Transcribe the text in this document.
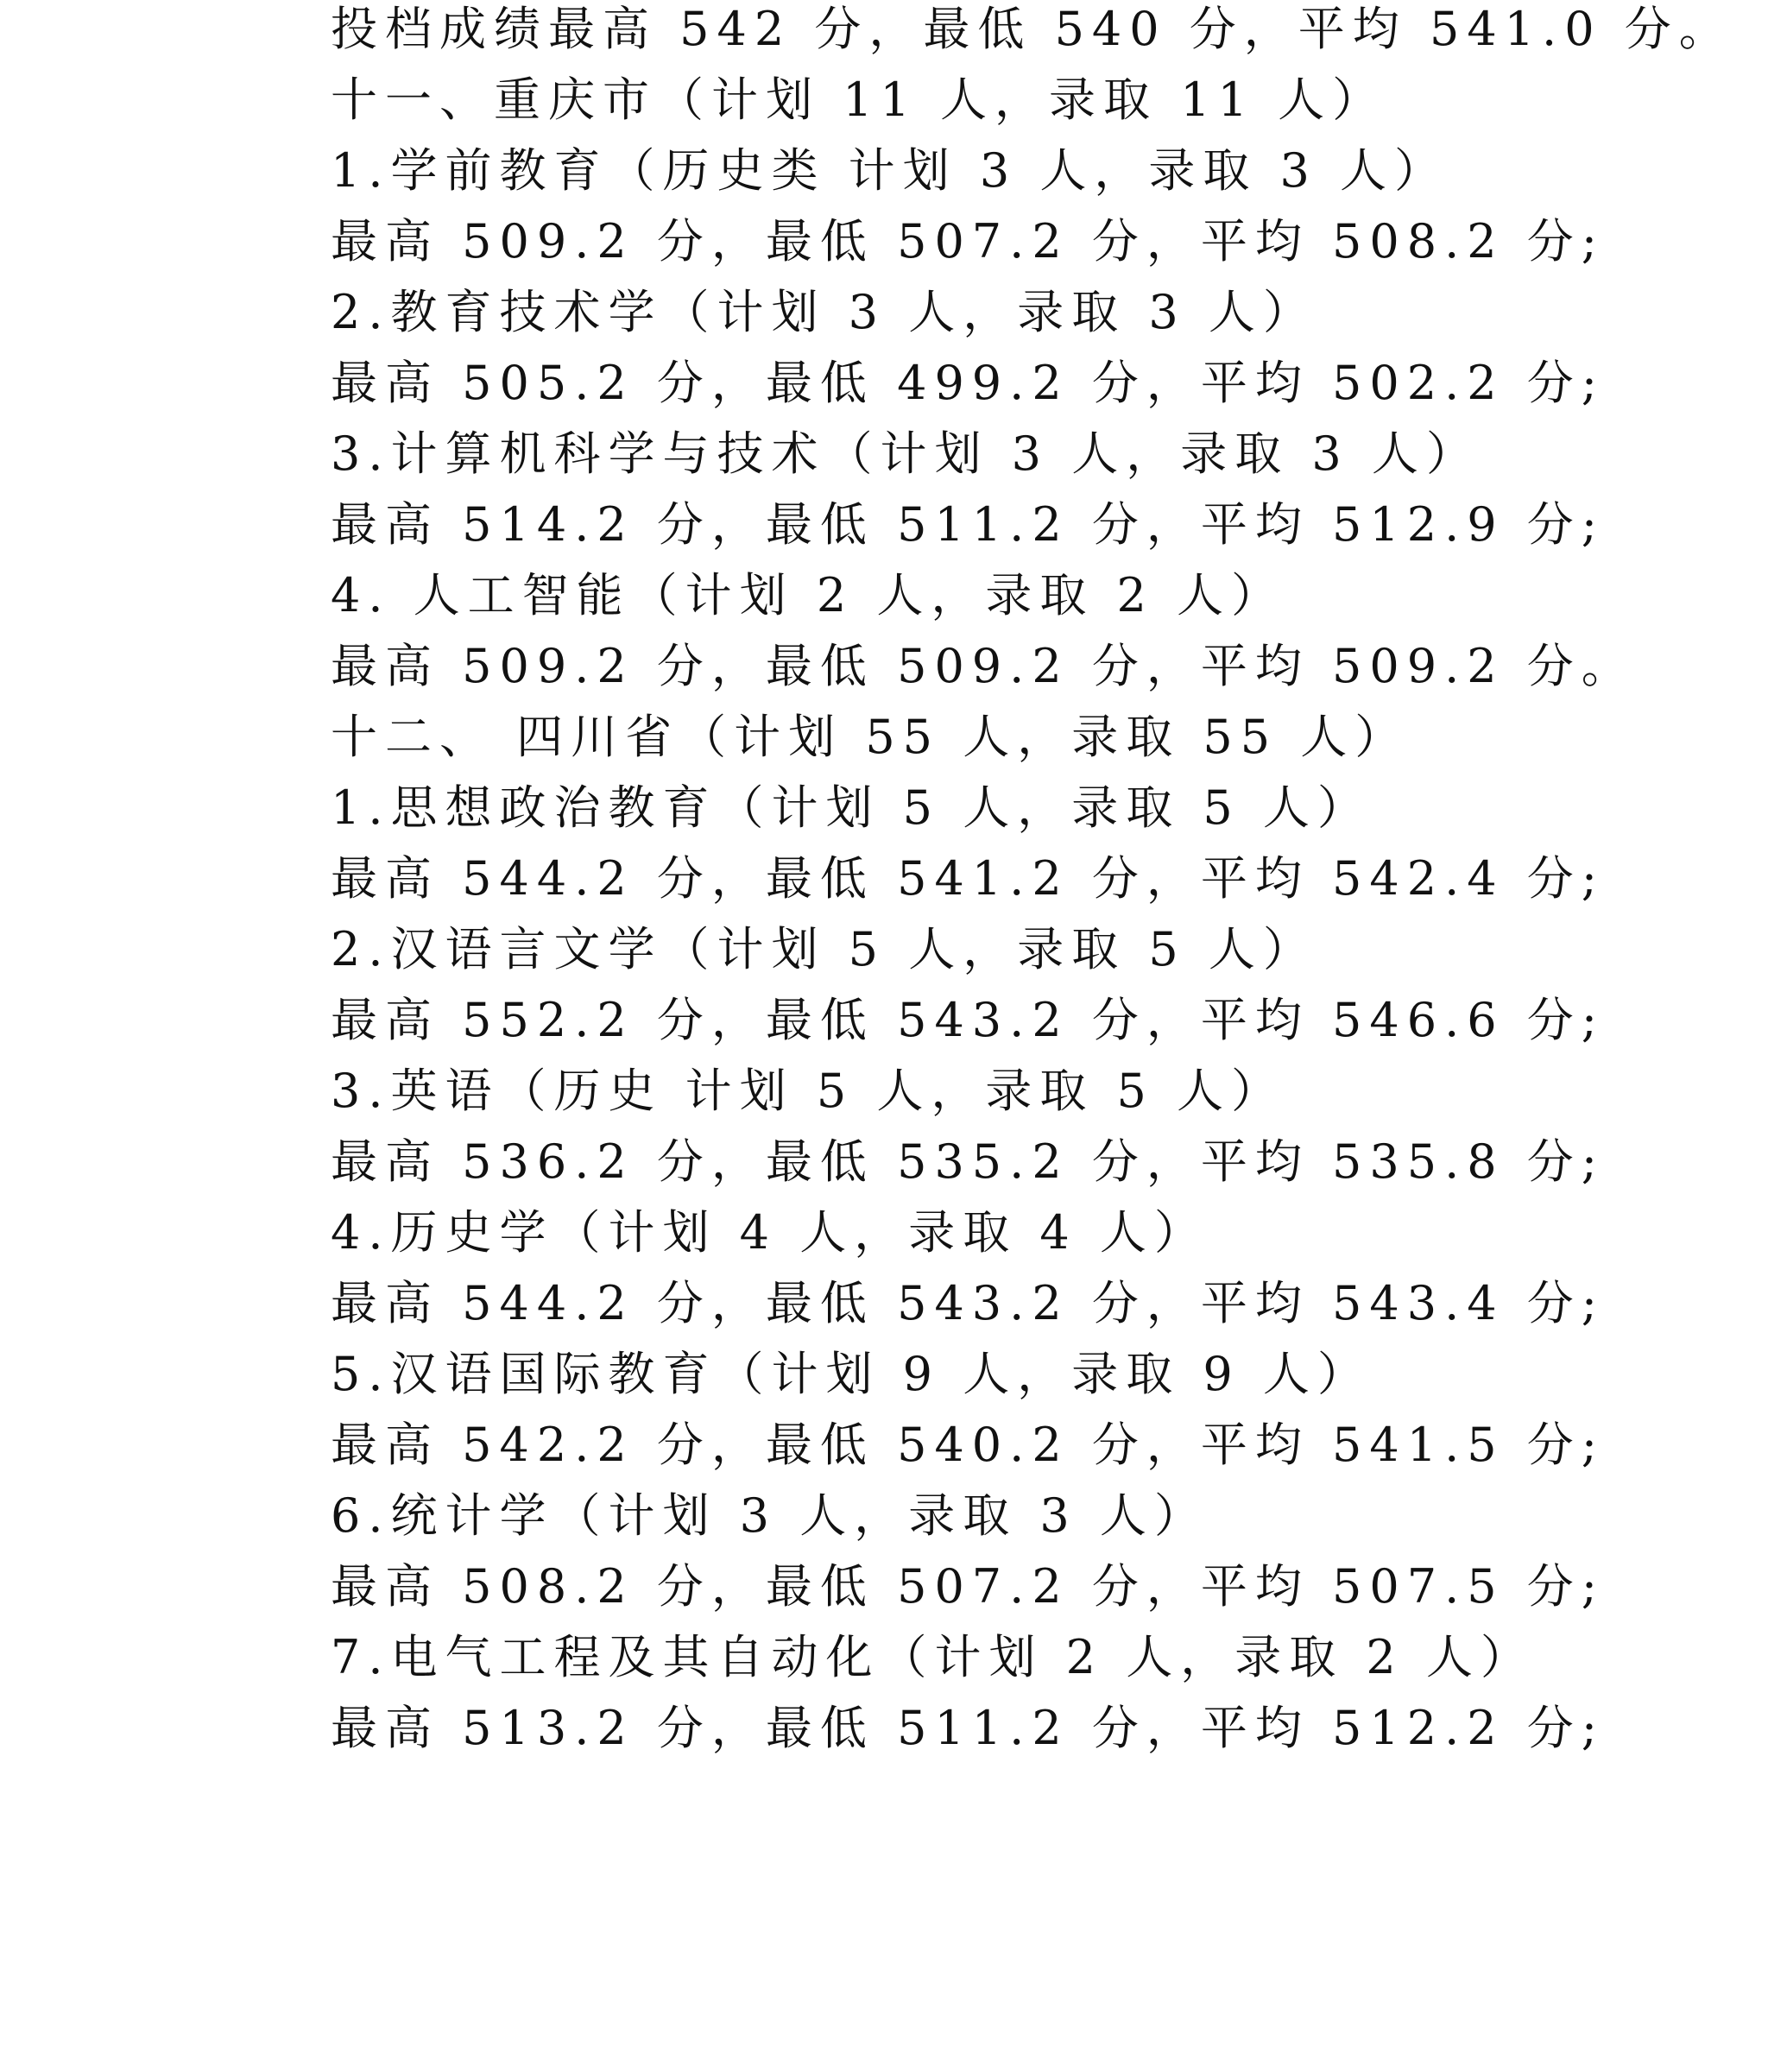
投档成绩最高 542 分，最低 540 分，平均 541.0 分。
十一、重庆市（计划 11 人，录取 11 人）
1.学前教育（历史类 计划 3 人，录取 3 人）
最高 509.2 分，最低 507.2 分，平均 508.2 分;
2.教育技术学（计划 3 人，录取 3 人）
最高 505.2 分，最低 499.2 分，平均 502.2 分;
3.计算机科学与技术（计划 3 人，录取 3 人）
最高 514.2 分，最低 511.2 分，平均 512.9 分;
4. 人工智能（计划 2 人，录取 2 人）
最高 509.2 分，最低 509.2 分，平均 509.2 分。
十二、 四川省（计划 55 人，录取 55 人）
1.思想政治教育（计划 5 人，录取 5 人）
最高 544.2 分，最低 541.2 分，平均 542.4 分;
2.汉语言文学（计划 5 人，录取 5 人）
最高 552.2 分，最低 543.2 分，平均 546.6 分;
3.英语（历史 计划 5 人，录取 5 人）
最高 536.2 分，最低 535.2 分，平均 535.8 分;
4.历史学（计划 4 人，录取 4 人）
最高 544.2 分，最低 543.2 分，平均 543.4 分;
5.汉语国际教育（计划 9 人，录取 9 人）
最高 542.2 分，最低 540.2 分，平均 541.5 分;
6.统计学（计划 3 人，录取 3 人）
最高 508.2 分，最低 507.2 分，平均 507.5 分;
7.电气工程及其自动化（计划 2 人，录取 2 人）
最高 513.2 分，最低 511.2 分，平均 512.2 分;
